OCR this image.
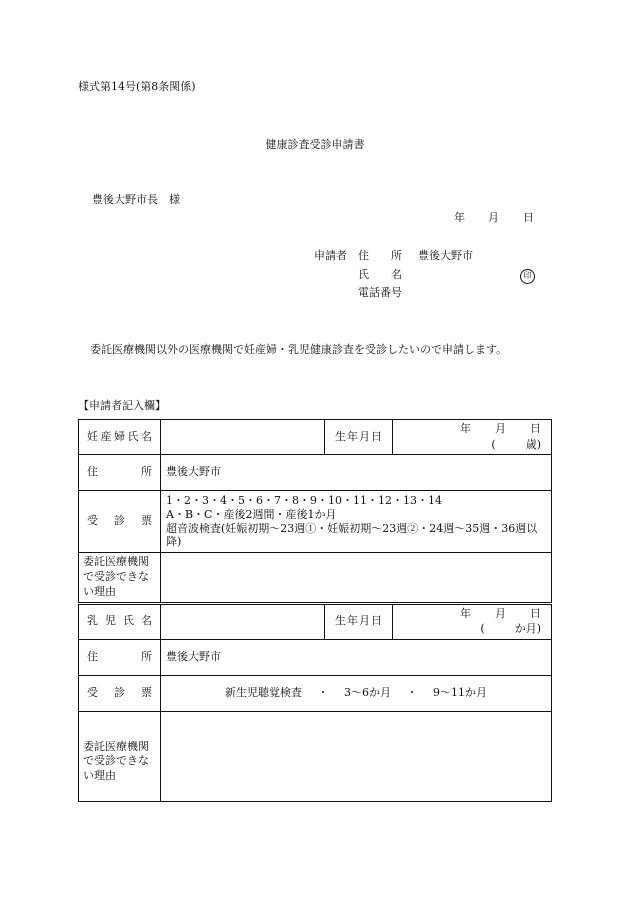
様式第14号(第8条関係)
健康診査受診申請書
豊後大野市長　様
年 月 日
申請者 住　　所 豊後大野市
氏　　名	印
電話番号
委託医療機関以外の医療機関で妊産婦・乳児健康診査を受診したいので申請します。
【申請者記入欄】
妊産婦氏名		生年月日	年 月 日
( 歳)

住所	豊後大野市		
受診票	1・2・3・4・5・6・7・8・9・10・11・12・13・14
A・B・C・産後2週間・産後1か月
超音波検査(妊娠初期〜23週①・妊娠初期〜23週②・24週〜35週・36週以降)		

委託医療機関で受診できない理由			
乳児氏名		生年月日	年 月 日
( か月)

住所	豊後大野市		
受診票	新生児聴覚検査 ・ 3〜6か月 ・ 9〜11か月		
委託医療機関で受診できない理由			
